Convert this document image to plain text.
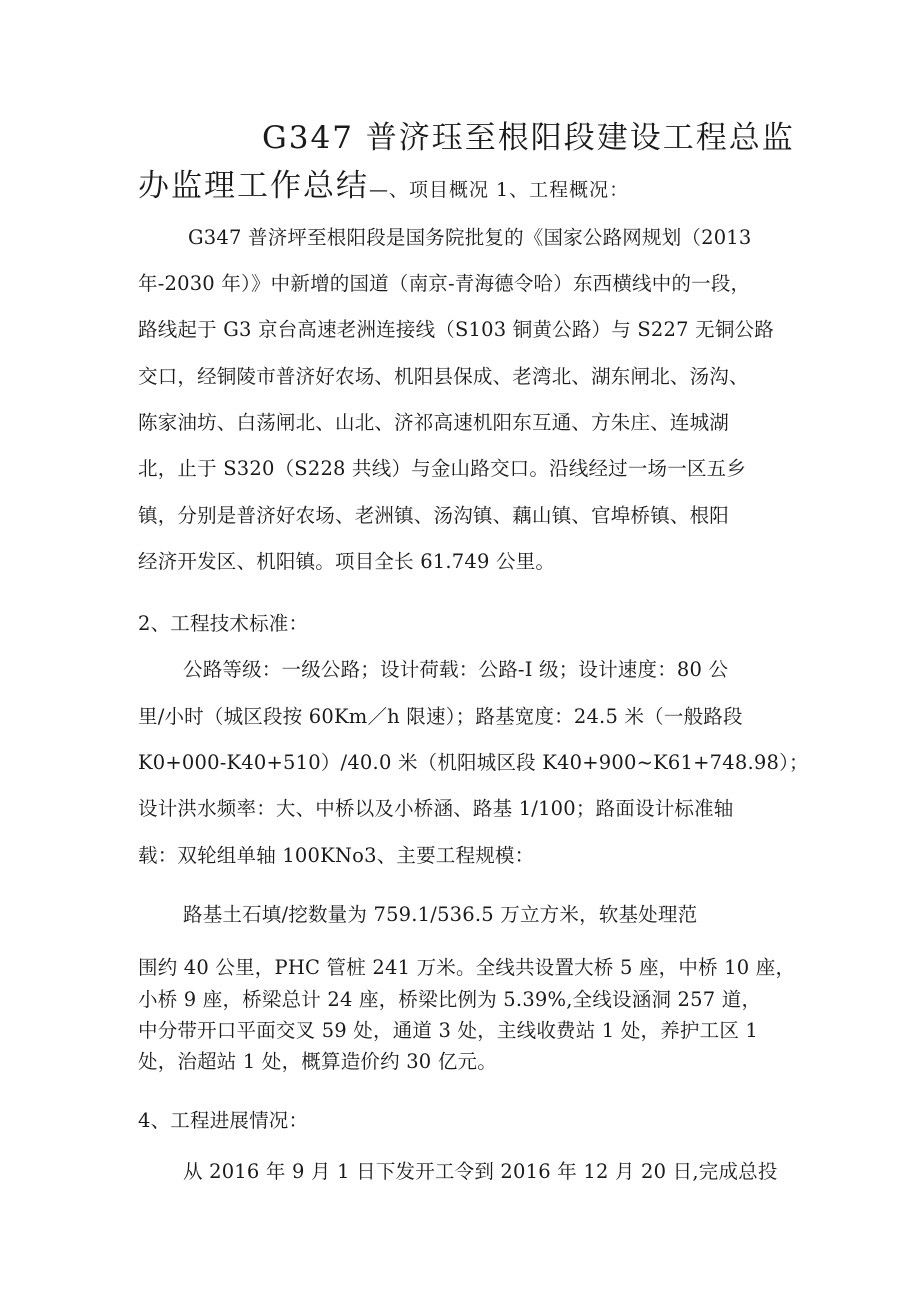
G347 普济珏至根阳段建设工程总监
办监理工作总结—、项目概况 1、工程概况：
G347 普济坪至根阳段是国务院批复的《国家公路网规划（2013
年-2030 年）》中新增的国道（南京-青海德令哈）东西横线中的一段，
路线起于 G3 京台高速老洲连接线（S103 铜黄公路）与 S227 无铜公路
交口，经铜陵市普济好农场、机阳县保成、老湾北、湖东闸北、汤沟、
陈家油坊、白荡闸北、山北、济祁高速机阳东互通、方朱庄、连城湖
北，止于 S320（S228 共线）与金山路交口。沿线经过一场一区五乡
镇，分别是普济好农场、老洲镇、汤沟镇、藕山镇、官埠桥镇、根阳
经济开发区、机阳镇。项目全长 61.749 公里。
2、工程技术标准：
公路等级：一级公路；设计荷载：公路-I 级；设计速度：80 公
里/小时（城区段按 60Km／h 限速）；路基宽度：24.5 米（一般路段
K0+000-K40+510）/40.0 米（机阳城区段 K40+900~K61+748.98）；
设计洪水频率：大、中桥以及小桥涵、路基 1/100；路面设计标准轴
载：双轮组单轴 100KNo3、主要工程规模：
路基土石填/挖数量为 759.1/536.5 万立方米，软基处理范
围约 40 公里，PHC 管桩 241 万米。全线共设置大桥 5 座，中桥 10 座，
小桥 9 座，桥梁总计 24 座，桥梁比例为 5.39%,全线设涵洞 257 道，
中分带开口平面交叉 59 处，通道 3 处，主线收费站 1 处，养护工区 1
处，治超站 1 处，概算造价约 30 亿元。
4、工程进展情况：
从 2016 年 9 月 1 日下发开工令到 2016 年 12 月 20 日,完成总投
